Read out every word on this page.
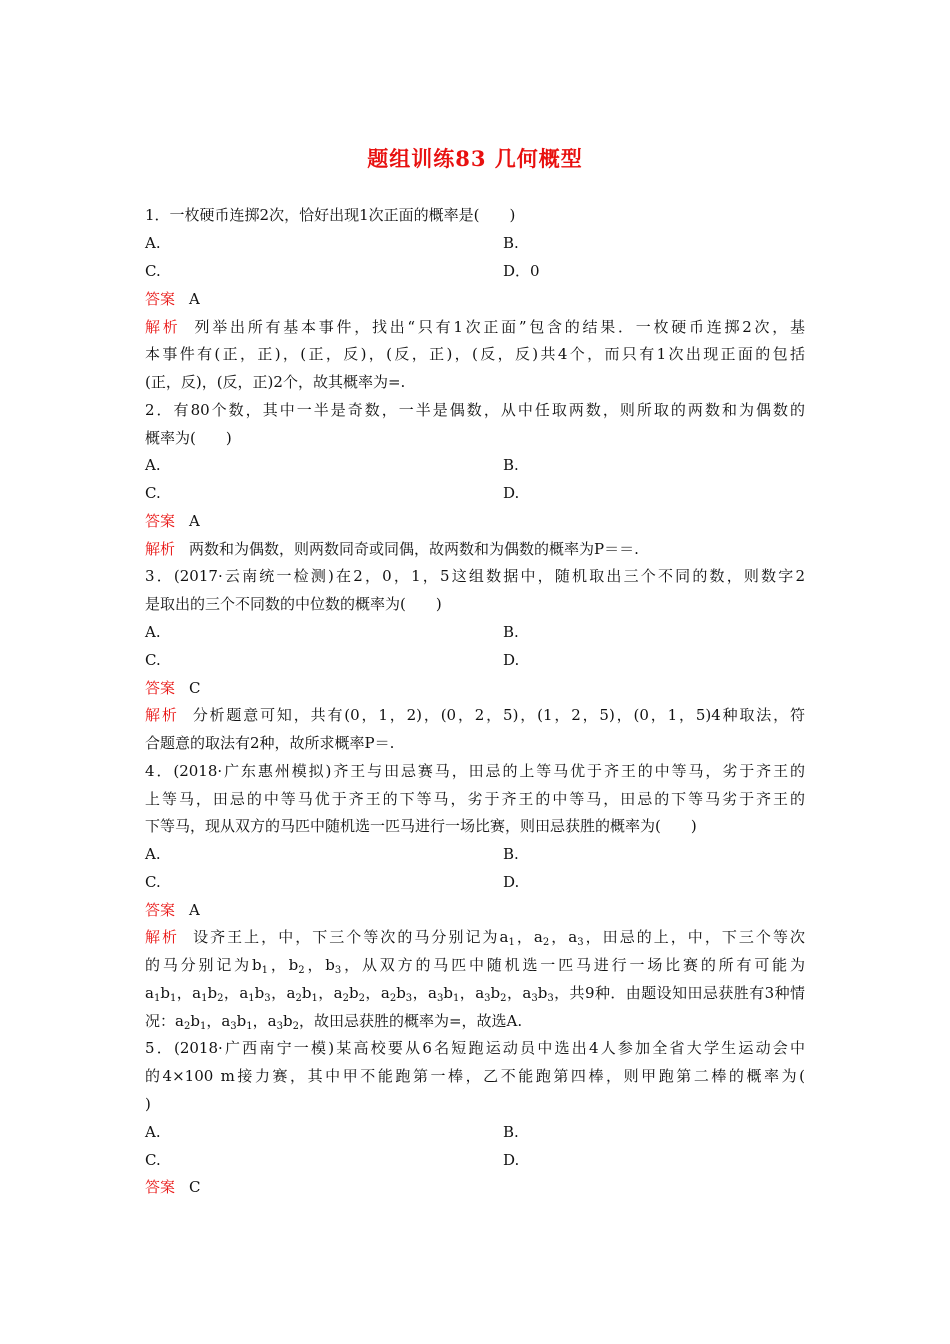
题组训练83 几何概型
1．一枚硬币连掷2次，恰好出现1次正面的概率是(　　)
A.	B.
C.	D．0
答案 A
解析 列举出所有基本事件，找出“只有1次正面”包含的结果．一枚硬币连掷2次，基
本事件有(正，正)，(正，反)，(反，正)，(反，反)共4个，而只有1次出现正面的包括
(正，反)，(反，正)2个，故其概率为=.
2．有80个数，其中一半是奇数，一半是偶数，从中任取两数，则所取的两数和为偶数的
概率为(　　)
A.	B.
C.	D.
答案 A
解析 两数和为偶数，则两数同奇或同偶，故两数和为偶数的概率为P＝＝.
3．(2017·云南统一检测)在2，0，1，5这组数据中，随机取出三个不同的数，则数字2
是取出的三个不同数的中位数的概率为(　　)
A.	B.
C.	D.
答案 C
解析 分析题意可知，共有(0，1，2)，(0，2，5)，(1，2，5)，(0，1，5)4种取法，符
合题意的取法有2种，故所求概率P＝.
4．(2018·广东惠州模拟)齐王与田忌赛马，田忌的上等马优于齐王的中等马，劣于齐王的
上等马，田忌的中等马优于齐王的下等马，劣于齐王的中等马，田忌的下等马劣于齐王的
下等马，现从双方的马匹中随机选一匹马进行一场比赛，则田忌获胜的概率为(　　)
A.	B.
C.	D.
答案 A
解析 设齐王上，中，下三个等次的马分别记为$a_1$，$a_2$，$a_3$，田忌的上，中，下三个等次
的马分别记为$b_1$，$b_2$，$b_3$，从双方的马匹中随机选一匹马进行一场比赛的所有可能为
$a_1b_1$，$a_1b_2$，$a_1b_3$，$a_2b_1$，$a_2b_2$，$a_2b_3$，$a_3b_1$，$a_3b_2$，$a_3b_3$，共9种．由题设知田忌获胜有3种情
况：$a_2b_1$，$a_3b_1$，$a_3b_2$，故田忌获胜的概率为=，故选A.
5．(2018·广西南宁一模)某高校要从6名短跑运动员中选出4人参加全省大学生运动会中
的4×100 m接力赛，其中甲不能跑第一棒，乙不能跑第四棒，则甲跑第二棒的概率为(
)
A.	B.
C.	D.
答案 C
